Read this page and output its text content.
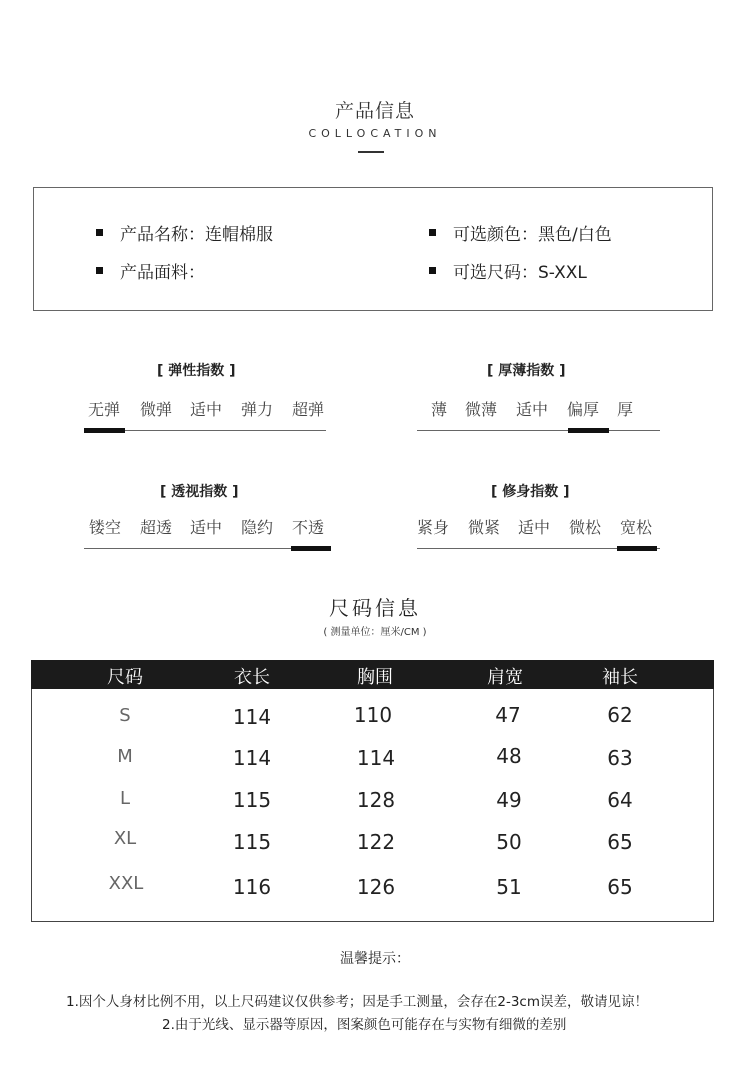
产品信息
COLLOCATION
产品名称：连帽棉服	可选颜色：黑色/白色
产品面料：	可选尺码：S-XXL
[ 弹性指数 ]
无弹 微弹 适中 弹力 超弹
[ 厚薄指数 ]
薄 微薄 适中 偏厚 厚
[ 透视指数 ]
镂空 超透 适中 隐约 不透
[ 修身指数 ]
紧身 微紧 适中 微松 宽松
尺码信息
( 测量单位：厘米/CM )
尺码	衣长	胸围	肩宽	袖长
S	114	110	47	62
M	114	114	48	63
L	115	128	49	64
XL	115	122	50	65
XXL	116	126	51	65
温馨提示：
1.因个人身材比例不用，以上尺码建议仅供参考；因是手工测量，会存在2-3cm误差，敬请见谅！
2.由于光线、显示器等原因，图案颜色可能存在与实物有细微的差别
